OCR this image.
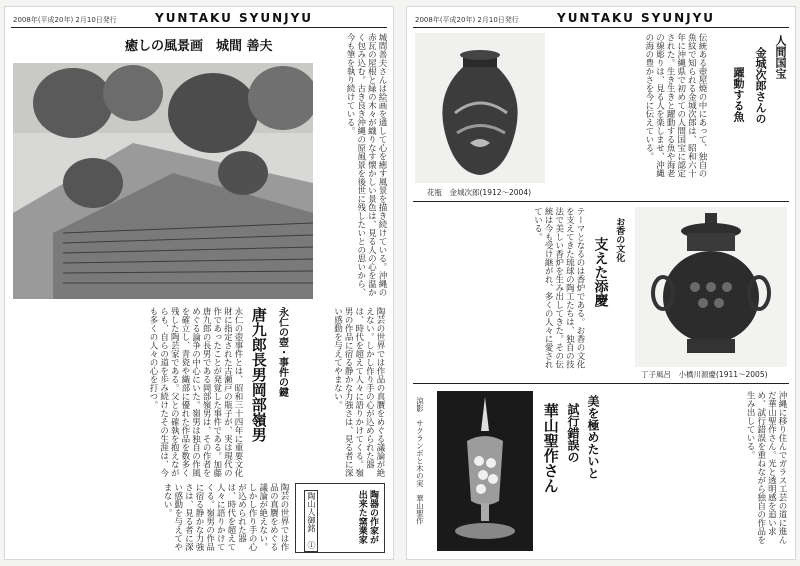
2008年(平成20年) 2月10日発行	YUNTAKU SYUNJYU
城間善夫さんは絵画を通して心を癒す風景を描き続けている。沖縄の赤瓦の屋根と緑の木々が織りなす懐かしい景色は、見る人の心を温かく包み込む。古き良き沖縄の原風景を後世に残したいとの思いから、今も筆を執り続けている。
癒しの風景画　城間 善夫
永仁の壺・事件の鍵
唐九郎長男岡部嶺男
永仁の壺事件とは、昭和三十四年に重要文化財に指定された古瀬戸の瓶子が、実は現代の作であったことが発覚した事件である。加藤唐九郎の長男である岡部嶺男は、その作者をめぐる論争の中心にいた。嶺男は独自の作風を確立し、青瓷や織部に優れた作品を数多く残した陶芸家である。父との確執を抱えながらも、自らの道を歩み続けたその生涯は、今も多くの人々の心を打つ。	陶芸の世界では作品の真贋をめぐる議論が絶えない。しかし作り手の心が込められた器は、時代を超えて人々に語りかけてくる。嶺男の作品に宿る静かな力強さは、見る者に深い感動を与えてやまない。
陶器の作家が出来た窯業家
陶山人御銘 ①
陶芸の世界では作品の真贋をめぐる議論が絶えない。しかし作り手の心が込められた器は、時代を超えて人々に語りかけてくる。嶺男の作品に宿る静かな力強さは、見る者に深い感動を与えてやまない。
2008年(平成20年) 2月10日発行	YUNTAKU SYUNJYU
人間国宝
金城次郎さんの
躍動する魚
伝統ある壺屋焼の中にあって、独自の魚紋で知られる金城次郎は、昭和六十年に沖縄県で初めての人間国宝に認定された。生き生きと躍動する魚や海老の線彫りは、見る人を楽しませ、沖縄の海の豊かさを今に伝えている。
花瓶　金城次郎(1912〜2004)
お香の文化
支えた添慶
テーマとなるのは香炉である。お香の文化を支えてきた琉球の陶工たちは、独自の技法で美しい香炉を生み出してきた。その伝統は今も受け継がれ、多くの人々に愛されている。
丁子風呂　小橋川源慶(1911〜2005)
涼影　サクランボと木の実　華山聖作	美を極めたいと
試行錯誤の
華山聖作さん	沖縄に移り住んでガラス工芸の道に進んだ華山聖作さん。光と透明感を追い求め、試行錯誤を重ねながら独自の作品を生み出している。
